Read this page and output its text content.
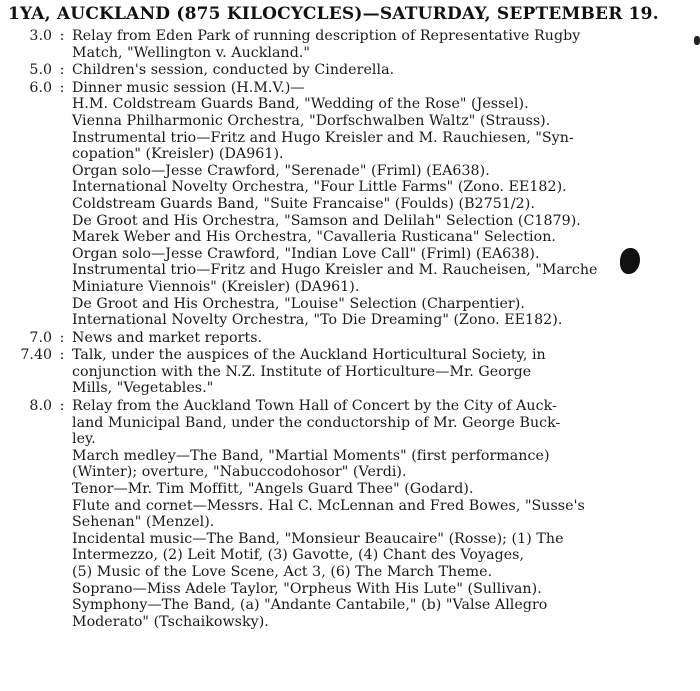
1YA, AUCKLAND (875 KILOCYCLES)—SATURDAY, SEPTEMBER 19.
3.0 : Relay from Eden Park of running description of Representative Rugby
Match, "Wellington v. Auckland."
5.0 : Children's session, conducted by Cinderella.
6.0 : Dinner music session (H.M.V.)—
H.M. Coldstream Guards Band, "Wedding of the Rose" (Jessel).
Vienna Philharmonic Orchestra, "Dorfschwalben Waltz" (Strauss).
Instrumental trio—Fritz and Hugo Kreisler and M. Rauchiesen, "Syn-
copation" (Kreisler) (DA961).
Organ solo—Jesse Crawford, "Serenade" (Friml) (EA638).
International Novelty Orchestra, "Four Little Farms" (Zono. EE182).
Coldstream Guards Band, "Suite Francaise" (Foulds) (B2751/2).
De Groot and His Orchestra, "Samson and Delilah" Selection (C1879).
Marek Weber and His Orchestra, "Cavalleria Rusticana" Selection.
Organ solo—Jesse Crawford, "Indian Love Call" (Friml) (EA638).
Instrumental trio—Fritz and Hugo Kreisler and M. Raucheisen, "Marche
Miniature Viennois" (Kreisler) (DA961).
De Groot and His Orchestra, "Louise" Selection (Charpentier).
International Novelty Orchestra, "To Die Dreaming" (Zono. EE182).
7.0 : News and market reports.
7.40 : Talk, under the auspices of the Auckland Horticultural Society, in
conjunction with the N.Z. Institute of Horticulture—Mr. George
Mills, "Vegetables."
8.0 : Relay from the Auckland Town Hall of Concert by the City of Auck-
land Municipal Band, under the conductorship of Mr. George Buck-
ley.
March medley—The Band, "Martial Moments" (first performance)
(Winter); overture, "Nabuccodohosor" (Verdi).
Tenor—Mr. Tim Moffitt, "Angels Guard Thee" (Godard).
Flute and cornet—Messrs. Hal C. McLennan and Fred Bowes, "Susse's
Sehenan" (Menzel).
Incidental music—The Band, "Monsieur Beaucaire" (Rosse); (1) The
Intermezzo, (2) Leit Motif, (3) Gavotte, (4) Chant des Voyages,
(5) Music of the Love Scene, Act 3, (6) The March Theme.
Soprano—Miss Adele Taylor, "Orpheus With His Lute" (Sullivan).
Symphony—The Band, (a) "Andante Cantabile," (b) "Valse Allegro
Moderato" (Tschaikowsky).
